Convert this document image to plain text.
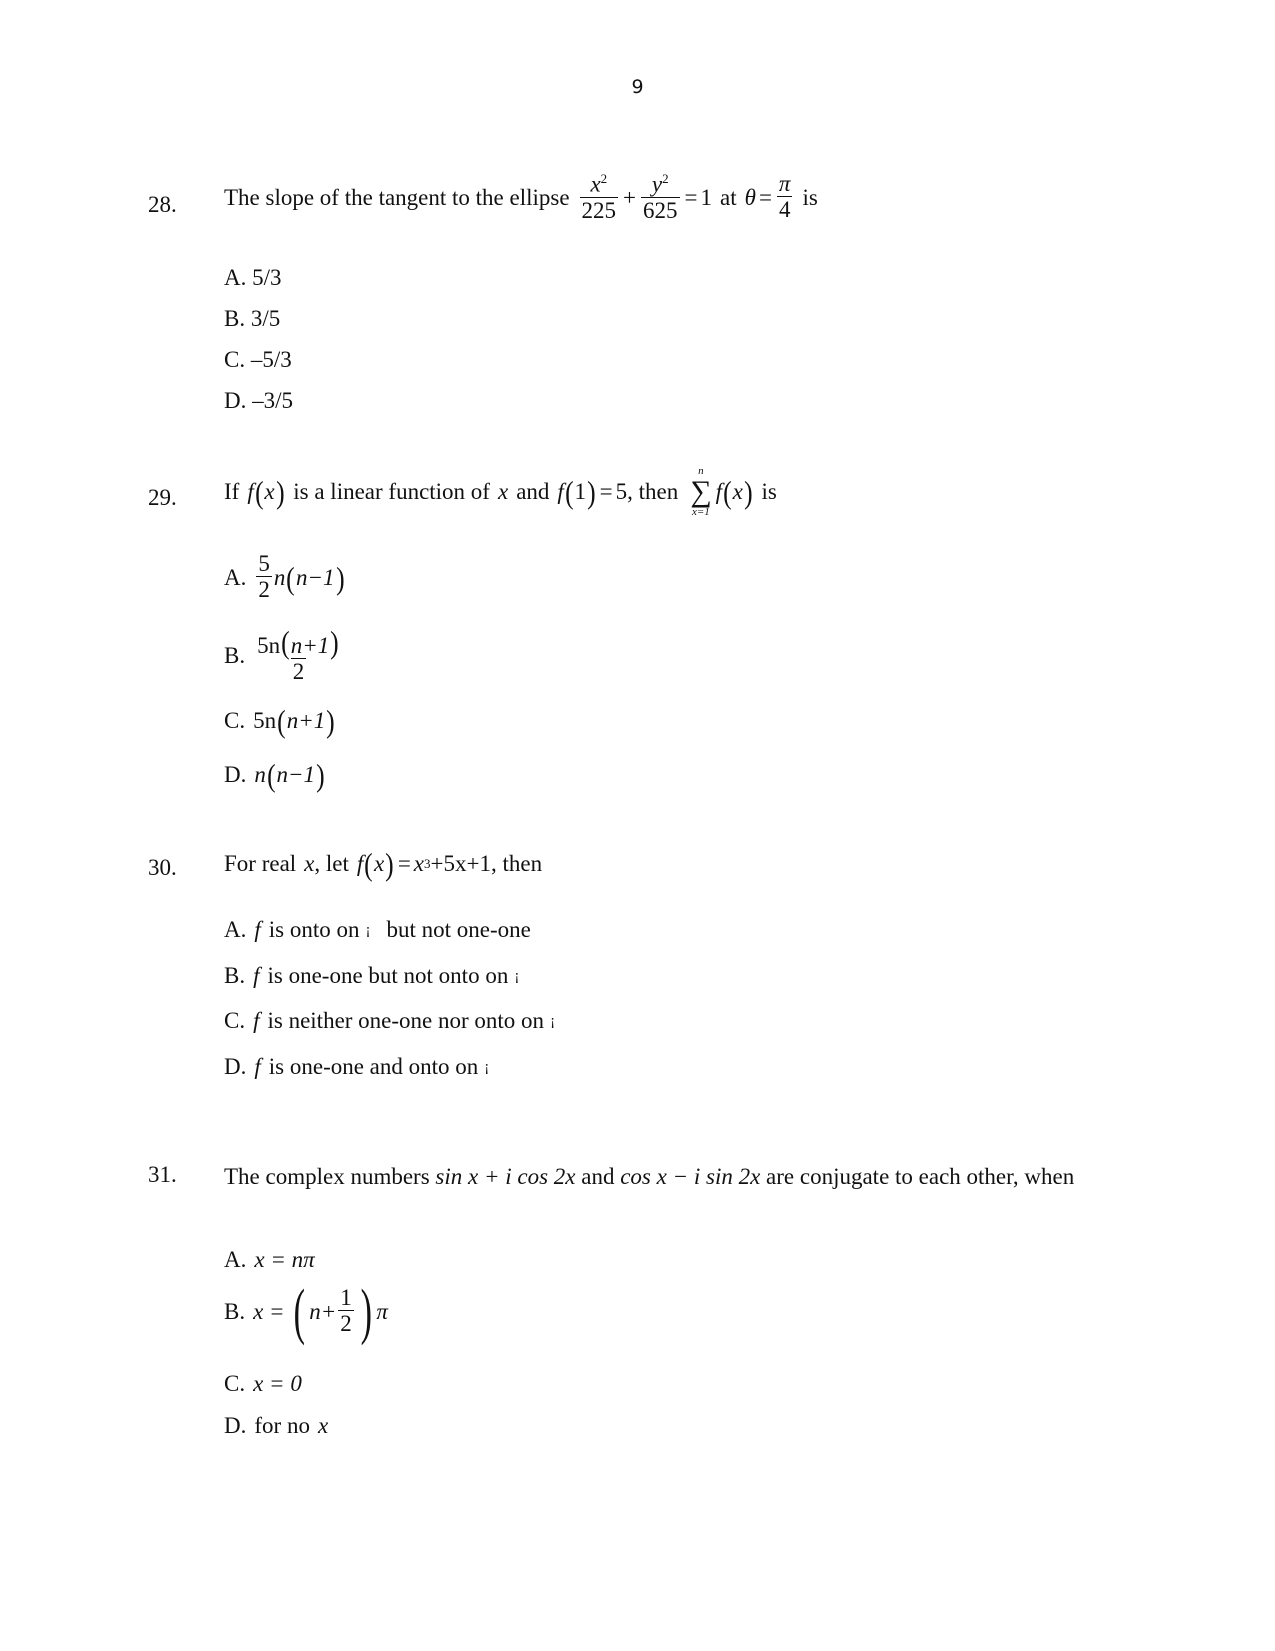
9
28. The slope of the tangent to the ellipse $\frac{x^2}{225} + \frac{y^2}{625} = 1$ at $\theta = \frac{\pi}{4}$ is
A. 5/3
B. 3/5
C. –5/3
D. –3/5
29. If f ( x ) is a linear function of x and f ( 1 ) = 5, then
n
∑
x=1
f ( x ) is
A. $\frac{5}{2}$ n ( n−1 )
B. $\frac{5n(n+1)}{2}$
C. 5n ( n+1 )
D. n ( n−1 )
30. For real x , let f ( x ) = x 3 +5x+1 , then
A. f is onto on ¡ but not one-one
B. f is one-one but not onto on ¡
C. f is neither one-one nor onto on ¡
D. f is one-one and onto on ¡
31. The complex numbers sin x + i cos 2x and cos x − i sin 2x are conjugate to each other, when
A. x = nπ
B. x = ( $n+ \frac{1}{2}$ ) π
C. x = 0
D. for no x
